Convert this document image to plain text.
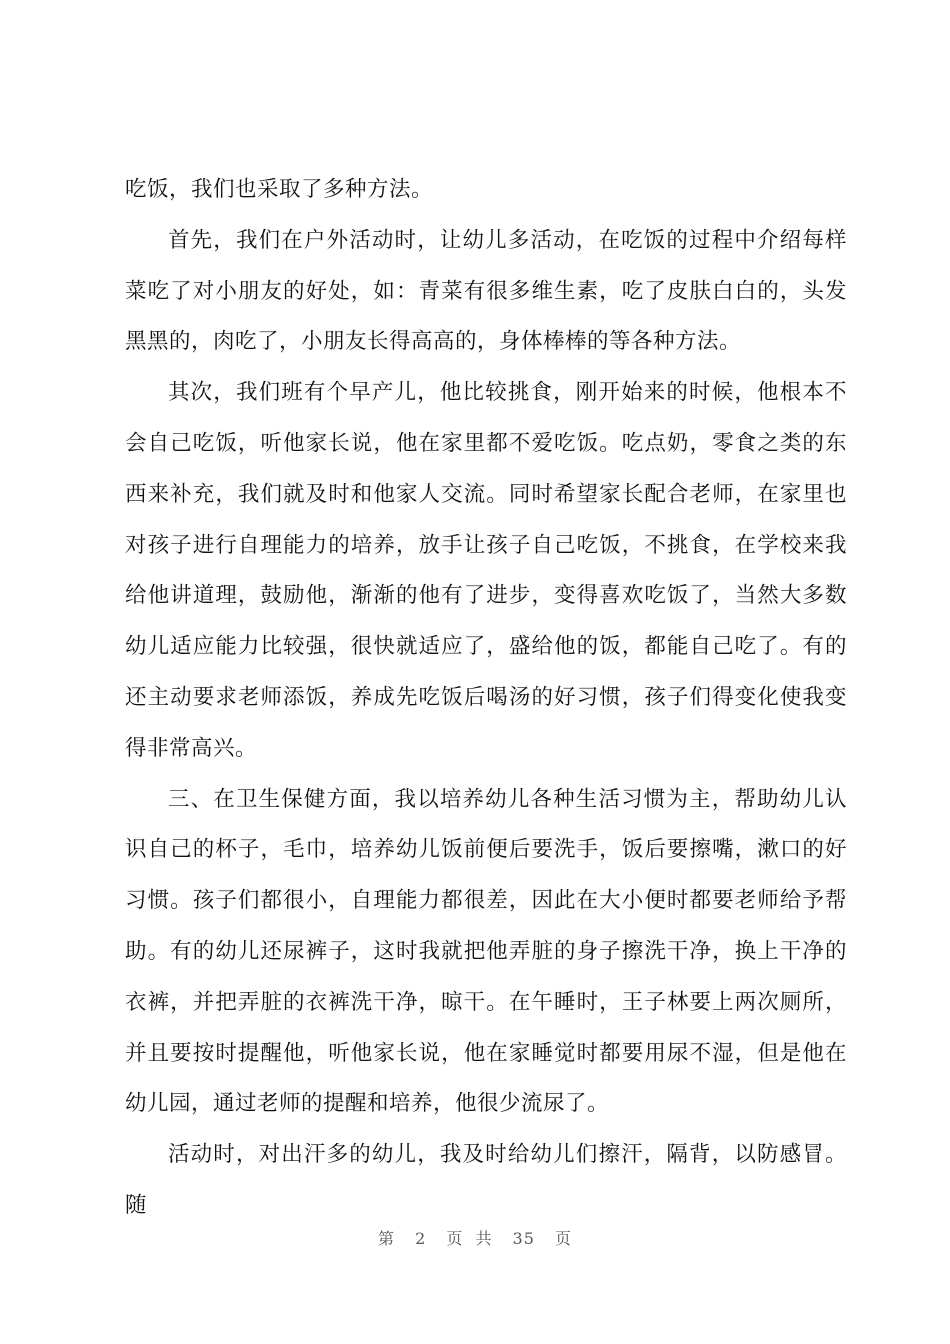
吃饭，我们也采取了多种方法。

首先，我们在户外活动时，让幼儿多活动，在吃饭的过程中介绍每样菜吃了对小朋友的好处，如：青菜有很多维生素，吃了皮肤白白的，头发黑黑的，肉吃了，小朋友长得高高的，身体棒棒的等各种方法。

其次，我们班有个早产儿，他比较挑食，刚开始来的时候，他根本不会自己吃饭，听他家长说，他在家里都不爱吃饭。吃点奶，零食之类的东西来补充，我们就及时和他家人交流。同时希望家长配合老师，在家里也对孩子进行自理能力的培养，放手让孩子自己吃饭，不挑食，在学校来我给他讲道理，鼓励他，渐渐的他有了进步，变得喜欢吃饭了，当然大多数幼儿适应能力比较强，很快就适应了，盛给他的饭，都能自己吃了。有的还主动要求老师添饭，养成先吃饭后喝汤的好习惯，孩子们得变化使我变得非常高兴。

三、在卫生保健方面，我以培养幼儿各种生活习惯为主，帮助幼儿认识自己的杯子，毛巾，培养幼儿饭前便后要洗手，饭后要擦嘴，漱口的好习惯。孩子们都很小，自理能力都很差，因此在大小便时都要老师给予帮助。有的幼儿还尿裤子，这时我就把他弄脏的身子擦洗干净，换上干净的衣裤，并把弄脏的衣裤洗干净，晾干。在午睡时，王子林要上两次厕所，并且要按时提醒他，听他家长说，他在家睡觉时都要用尿不湿，但是他在幼儿园，通过老师的提醒和培养，他很少流尿了。

活动时，对出汗多的幼儿，我及时给幼儿们擦汗，隔背，以防感冒。随

第 2 页 共 35 页
